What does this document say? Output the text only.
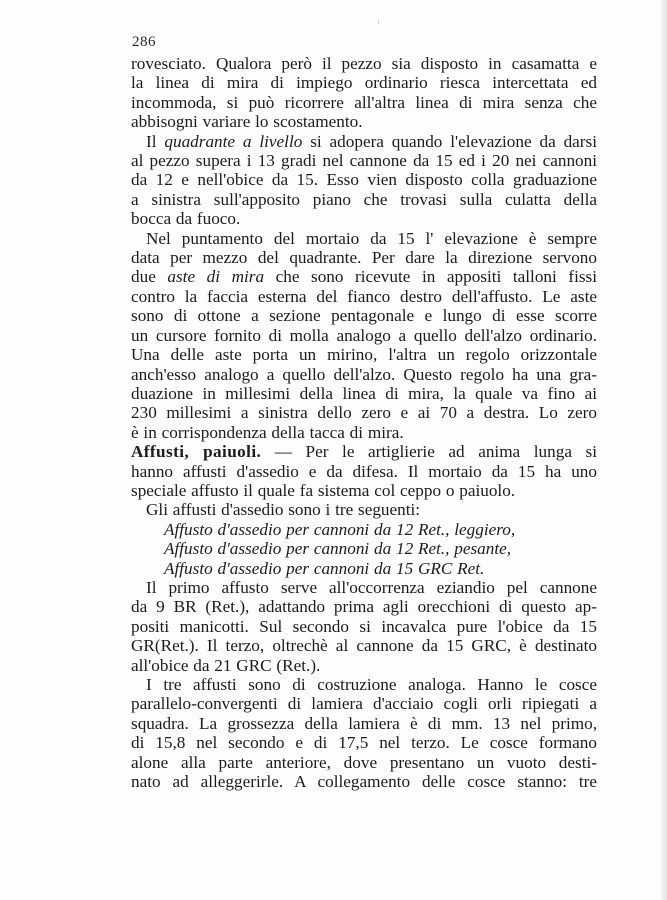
286
rovesciato. Qualora però il pezzo sia disposto in casamatta e
la linea di mira di impiego ordinario riesca intercettata ed
incommoda, si può ricorrere all'altra linea di mira senza che
abbisogni variare lo scostamento.
Il quadrante a livello si adopera quando l'elevazione da darsi
al pezzo supera i 13 gradi nel cannone da 15 ed i 20 nei cannoni
da 12 e nell'obice da 15. Esso vien disposto colla graduazione
a sinistra sull'apposito piano che trovasi sulla culatta della
bocca da fuoco.
Nel puntamento del mortaio da 15 l' elevazione è sempre
data per mezzo del quadrante. Per dare la direzione servono
due aste di mira che sono ricevute in appositi talloni fissi
contro la faccia esterna del fianco destro dell'affusto. Le aste
sono di ottone a sezione pentagonale e lungo di esse scorre
un cursore fornito di molla analogo a quello dell'alzo ordinario.
Una delle aste porta un mirino, l'altra un regolo orizzontale
anch'esso analogo a quello dell'alzo. Questo regolo ha una gra-
duazione in millesimi della linea di mira, la quale va fino ai
230 millesimi a sinistra dello zero e ai 70 a destra. Lo zero
è in corrispondenza della tacca di mira.
Affusti, paiuoli. — Per le artiglierie ad anima lunga si
hanno affusti d'assedio e da difesa. Il mortaio da 15 ha uno
speciale affusto il quale fa sistema col ceppo o paiuolo.
Gli affusti d'assedio sono i tre seguenti:
Affusto d'assedio per cannoni da 12 Ret., leggiero,
Affusto d'assedio per cannoni da 12 Ret., pesante,
Affusto d'assedio per cannoni da 15 GRC Ret.
Il primo affusto serve all'occorrenza eziandio pel cannone
da 9 BR (Ret.), adattando prima agli orecchioni di questo ap-
positi manicotti. Sul secondo si incavalca pure l'obice da 15
GR(Ret.). Il terzo, oltrechè al cannone da 15 GRC, è destinato
all'obice da 21 GRC (Ret.).
I tre affusti sono di costruzione analoga. Hanno le cosce
parallelo-convergenti di lamiera d'acciaio cogli orli ripiegati a
squadra. La grossezza della lamiera è di mm. 13 nel primo,
di 15,8 nel secondo e di 17,5 nel terzo. Le cosce formano
alone alla parte anteriore, dove presentano un vuoto desti-
nato ad alleggerirle. A collegamento delle cosce stanno: tre
